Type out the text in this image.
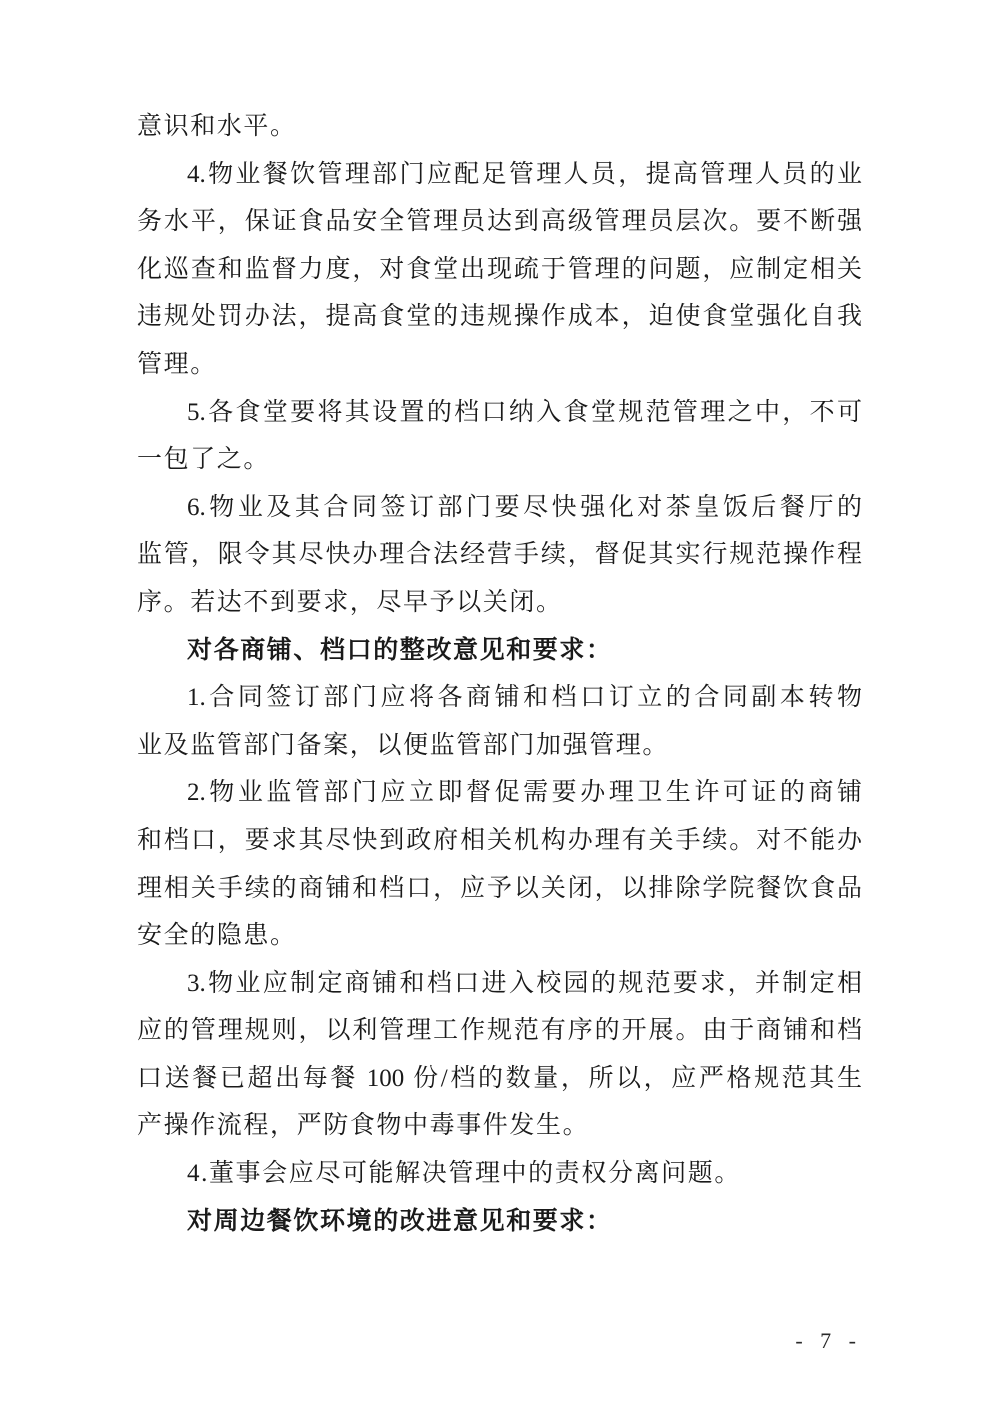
意识和水平。
4.物业餐饮管理部门应配足管理人员，提高管理人员的业
务水平，保证食品安全管理员达到高级管理员层次。要不断强
化巡查和监督力度，对食堂出现疏于管理的问题，应制定相关
违规处罚办法，提高食堂的违规操作成本，迫使食堂强化自我
管理。
5.各食堂要将其设置的档口纳入食堂规范管理之中，不可
一包了之。
6.物业及其合同签订部门要尽快强化对茶皇饭后餐厅的
监管，限令其尽快办理合法经营手续，督促其实行规范操作程
序。若达不到要求，尽早予以关闭。
对各商铺、档口的整改意见和要求：
1.合同签订部门应将各商铺和档口订立的合同副本转物
业及监管部门备案，以便监管部门加强管理。
2.物业监管部门应立即督促需要办理卫生许可证的商铺
和档口，要求其尽快到政府相关机构办理有关手续。对不能办
理相关手续的商铺和档口，应予以关闭，以排除学院餐饮食品
安全的隐患。
3.物业应制定商铺和档口进入校园的规范要求，并制定相
应的管理规则，以利管理工作规范有序的开展。由于商铺和档
口送餐已超出每餐 100 份/档的数量，所以，应严格规范其生
产操作流程，严防食物中毒事件发生。
4.董事会应尽可能解决管理中的责权分离问题。
对周边餐饮环境的改进意见和要求：
- 7 -
